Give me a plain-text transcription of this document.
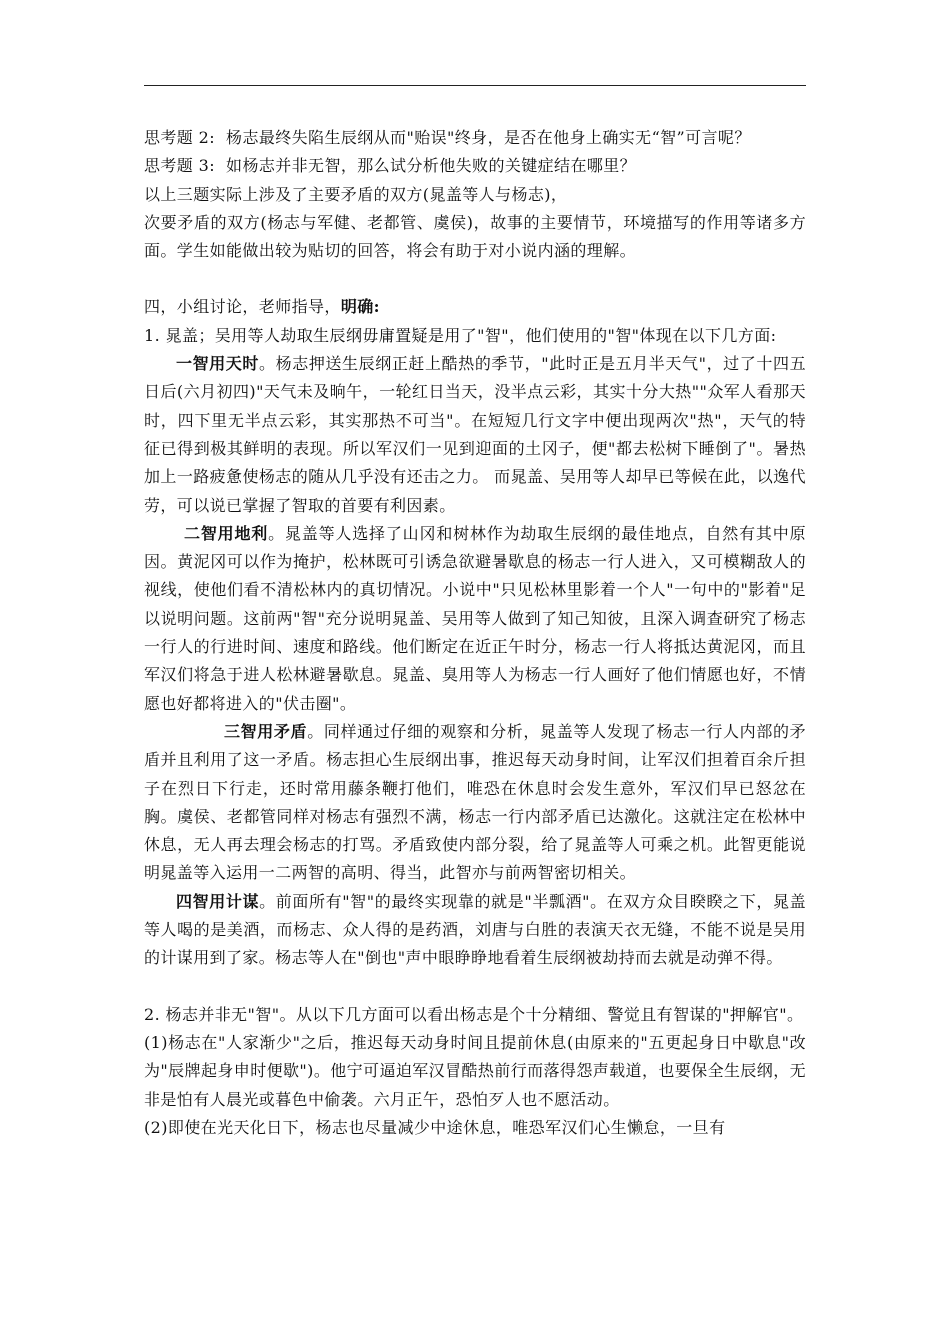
思考题 2: 杨志最终失陷生辰纲从而"贻误"终身，是否在他身上确实无“智”可言呢？

思考题 3: 如杨志并非无智，那么试分析他失败的关键症结在哪里？

以上三题实际上涉及了主要矛盾的双方(晁盖等人与杨志)，

次要矛盾的双方(杨志与军健、老都管、虞侯)，故事的主要情节，环境描写的作用等诸多方面。学生如能做出较为贴切的回答，将会有助于对小说内涵的理解。

四，小组讨论，老师指导，明确:

1. 晁盖；吴用等人劫取生辰纲毋庸置疑是用了"智"，他们使用的"智"体现在以下几方面:

一智用天时。杨志押送生辰纲正赶上酷热的季节，"此时正是五月半天气"，过了十四五日后(六月初四)"天气未及晌午，一轮红日当天，没半点云彩，其实十分大热""众军人看那天时，四下里无半点云彩，其实那热不可当"。在短短几行文字中便出现两次"热"，天气的特征已得到极其鲜明的表现。所以军汉们一见到迎面的土冈子，便"都去松树下睡倒了"。暑热加上一路疲惫使杨志的随从几乎没有还击之力。 而晁盖、吴用等人却早已等候在此，以逸代劳，可以说已掌握了智取的首要有利因素。

二智用地利。晁盖等人选择了山冈和树林作为劫取生辰纲的最佳地点，自然有其中原因。黄泥冈可以作为掩护，松林既可引诱急欲避暑歇息的杨志一行人进入，又可模糊敌人的视线，使他们看不清松林内的真切情况。小说中"只见松林里影着一个人"一句中的"影着"足以说明问题。这前两"智"充分说明晁盖、吴用等人做到了知己知彼，且深入调查研究了杨志一行人的行进时间、速度和路线。他们断定在近正午时分，杨志一行人将抵达黄泥冈，而且军汉们将急于进人松林避暑歇息。晁盖、臭用等人为杨志一行人画好了他们情愿也好，不情愿也好都将进入的"伏击圈"。

三智用矛盾。同样通过仔细的观察和分析，晁盖等人发现了杨志一行人内部的矛盾并且利用了这一矛盾。杨志担心生辰纲出事，推迟每天动身时间，让军汉们担着百余斤担子在烈日下行走，还时常用藤条鞭打他们，唯恐在休息时会发生意外，军汉们早已怒忿在胸。虞侯、老都管同样对杨志有强烈不满，杨志一行内部矛盾已达激化。这就注定在松林中休息，无人再去理会杨志的打骂。矛盾致使内部分裂，给了晁盖等人可乘之机。此智更能说明晁盖等入运用一二两智的高明、得当，此智亦与前两智密切相关。

四智用计谋。前面所有"智"的最终实现靠的就是"半瓢酒"。在双方众目睽睽之下，晁盖等人喝的是美酒，而杨志、众人得的是药酒，刘唐与白胜的表演天衣无缝，不能不说是吴用的计谋用到了家。杨志等人在"倒也"声中眼睁睁地看着生辰纲被劫持而去就是动弹不得。

2. 杨志并非无"智"。从以下几方面可以看出杨志是个十分精细、警觉且有智谋的"押解官"。

(1)杨志在"人家渐少"之后，推迟每天动身时间且提前休息(由原来的"五更起身日中歇息"改为"辰牌起身申时便歇")。他宁可逼迫军汉冒酷热前行而落得怨声载道，也要保全生辰纲，无非是怕有人晨光或暮色中偷袭。六月正午，恐怕歹人也不愿活动。

(2)即使在光天化日下，杨志也尽量减少中途休息，唯恐军汉们心生懒怠，一旦有
